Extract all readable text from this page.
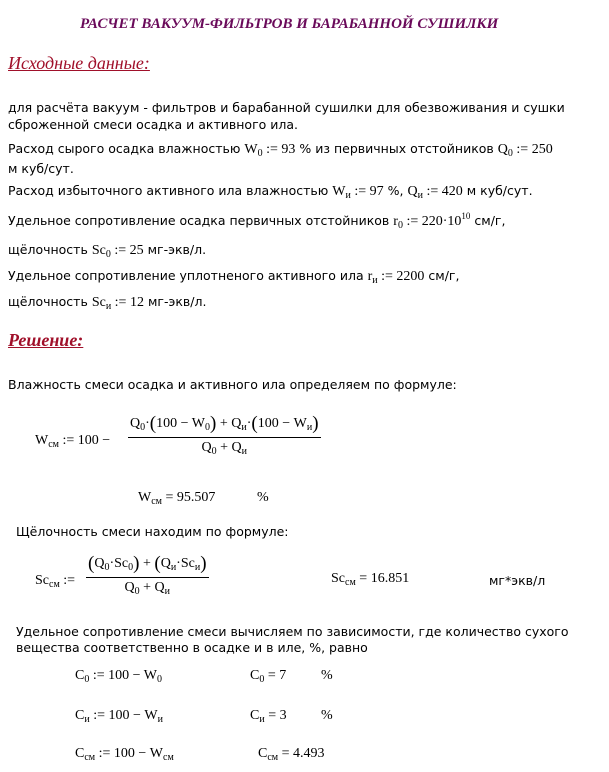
РАСЧЕТ ВАКУУМ-ФИЛЬТРОВ И БАРАБАННОЙ СУШИЛКИ
Исходные данные:
для расчёта вакуум - фильтров и барабанной сушилки для обезвоживания и сушки
сброженной смеси осадка и активного ила.
Расход сырого осадка влажностью $W_0$ := 93 % из первичных отстойников $Q_0$ := 250
м куб/сут.
Расход избыточного активного ила влажностью $W_и$ := 97 %, $Q_и$ := 420 м куб/сут.
Удельное сопротивление осадка первичных отстойников $r_0$ := $220\cdot 10^{10}$ см/г,
щёлочность $Sc_0$ := 25 мг-экв/л.
Удельное сопротивление уплотненого активного ила $r_и$ := 2200 см/г,
щёлочность $Sc_и$ := 12 мг-экв/л.
Решение:
Влажность смеси осадка и активного ила определяем по формуле:
$W_{см}$ := 100 −
$Q_0\cdot(100 - W_0) + Q_и\cdot(100 - W_и)$
$Q_0 + Q_и$
$W_{см} = 95.507$	%
Щёлочность смеси находим по формуле:
$Sc_{см}$ :=
$(Q_0\cdot Sc_0) + (Q_и\cdot Sc_и)$
$Q_0 + Q_и$
$Sc_{см} = 16.851$	мг*экв/л
Удельное сопротивление смеси вычисляем по зависимости, где количество сухого
вещества соответственно в осадке и в иле, %, равно
$C_0$ := $100 - W_0$	$C_0 = 7$ %
$C_и$ := $100 - W_и$	$C_и = 3$ %
$C_{см}$ := $100 - W_{см}$	$C_{см} = 4.493$
